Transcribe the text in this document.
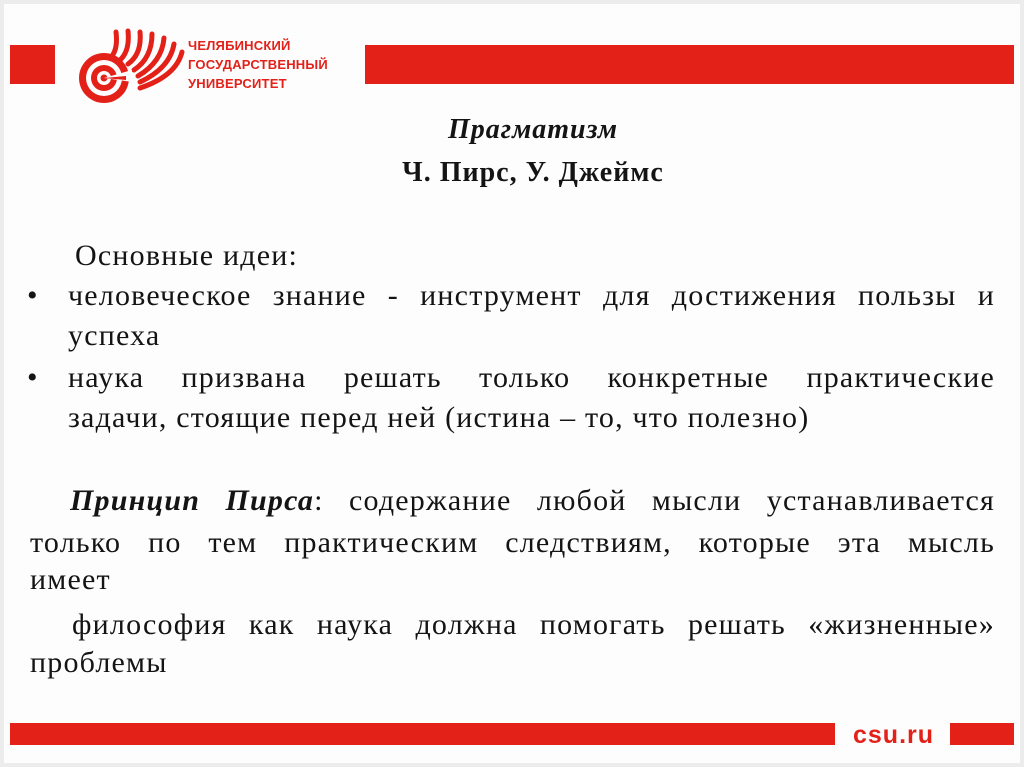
ЧЕЛЯБИНСКИЙ
ГОСУДАРСТВЕННЫЙ
УНИВЕРСИТЕТ
Прагматизм
Ч. Пирс, У. Джеймс
Основные идеи:
• человеческое знание - инструмент для достижения пользы и
успеха
• наука призвана решать только конкретные практические
задачи, стоящие перед ней (истина – то, что полезно)
Принцип Пирса: содержание любой мысли устанавливается
только по тем практическим следствиям, которые эта мысль
имеет
философия как наука должна помогать решать «жизненные»
проблемы
csu.ru
